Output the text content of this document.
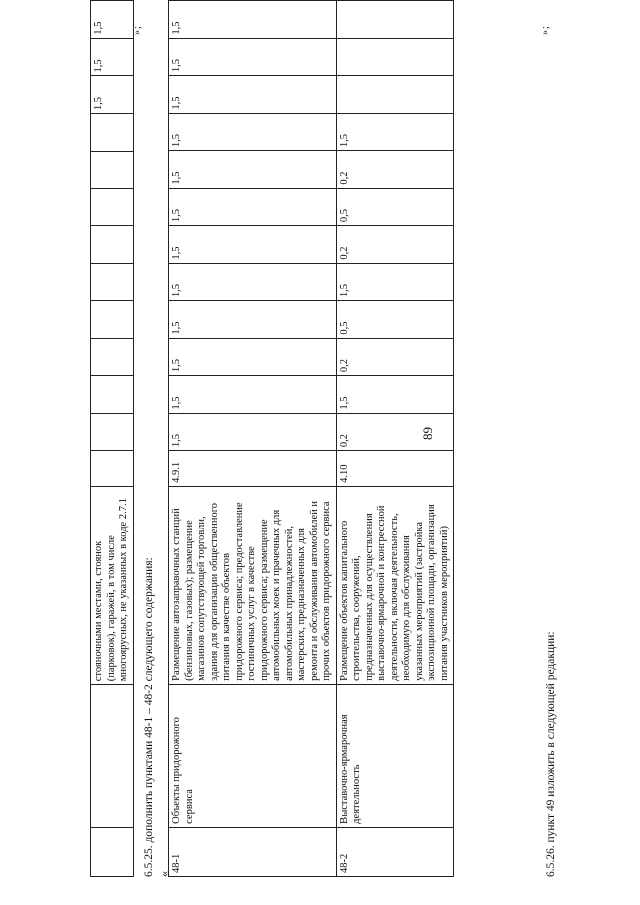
89
		стояночными местами, стоянок (парковок), гаражей, в том числе многоярусных, не указанных в коде 2.7.1											1,5	1,5	1,5	»;
6.5.25. дополнить пунктами 48-1 – 48-2 следующего содержания: «
48-1	Объекты придорожного сервиса	Размещение автозаправочных станций (бензиновых, газовых); размещение магазинов сопутствующей торговли, здания для организации общественного питания в качестве объектов придорожного сервиса; предоставление гостиничных услуг в качестве придорожного сервиса; размещение автомобильных моек и прачечных для автомобильных принадлежностей, мастерских, предназначенных для ремонта и обслуживания автомобилей и прочих объектов придорожного сервиса	4.9.1	1,5	1,5	1,5	1,5	1,5	1,5	1,5	1,5	1,5	1,5	1,5	1,5
48-2	Выставочно-ярмарочная деятельность	Размещение объектов капитального строительства, сооружений, предназначенных для осуществления выставочно-ярмарочной и конгрессной деятельности, включая деятельность, необходимую для обслуживания указанных мероприятий (застройка экспозиционной площади, организация питания участников мероприятий)	4.10	0,2	1,5	0,2	0,5	1,5	0,2	0,5	0,2	1,5			
»;
6.5.26. пункт 49 изложить в следующей редакции:
